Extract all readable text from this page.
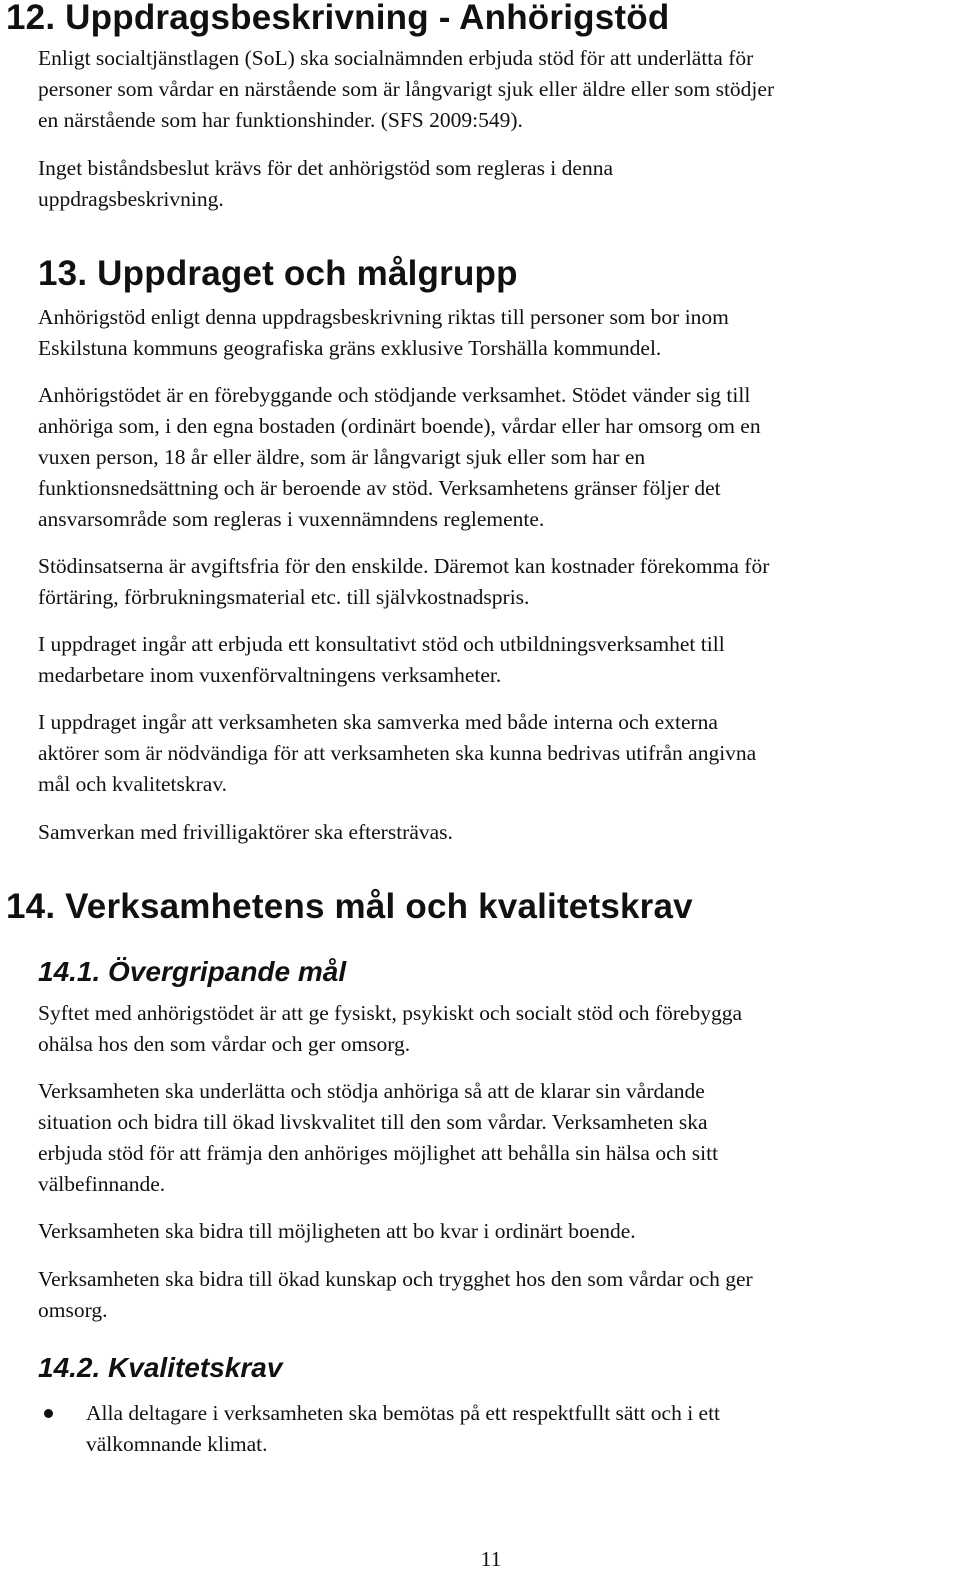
12. Uppdragsbeskrivning - Anhörigstöd

Enligt socialtjänstlagen (SoL) ska socialnämnden erbjuda stöd för att underlätta för
personer som vårdar en närstående som är långvarigt sjuk eller äldre eller som stödjer
en närstående som har funktionshinder. (SFS 2009:549).

Inget biståndsbeslut krävs för det anhörigstöd som regleras i denna
uppdragsbeskrivning.

13. Uppdraget och målgrupp

Anhörigstöd enligt denna uppdragsbeskrivning riktas till personer som bor inom
Eskilstuna kommuns geografiska gräns exklusive Torshälla kommundel.

Anhörigstödet är en förebyggande och stödjande verksamhet. Stödet vänder sig till
anhöriga som, i den egna bostaden (ordinärt boende), vårdar eller har omsorg om en
vuxen person, 18 år eller äldre, som är långvarigt sjuk eller som har en
funktionsnedsättning och är beroende av stöd. Verksamhetens gränser följer det
ansvarsområde som regleras i vuxennämndens reglemente.

Stödinsatserna är avgiftsfria för den enskilde. Däremot kan kostnader förekomma för
förtäring, förbrukningsmaterial etc. till självkostnadspris.

I uppdraget ingår att erbjuda ett konsultativt stöd och utbildningsverksamhet till
medarbetare inom vuxenförvaltningens verksamheter.

I uppdraget ingår att verksamheten ska samverka med både interna och externa
aktörer som är nödvändiga för att verksamheten ska kunna bedrivas utifrån angivna
mål och kvalitetskrav.

Samverkan med frivilligaktörer ska eftersträvas.

14. Verksamhetens mål och kvalitetskrav
14.1. Övergripande mål

Syftet med anhörigstödet är att ge fysiskt, psykiskt och socialt stöd och förebygga
ohälsa hos den som vårdar och ger omsorg.

Verksamheten ska underlätta och stödja anhöriga så att de klarar sin vårdande
situation och bidra till ökad livskvalitet till den som vårdar. Verksamheten ska
erbjuda stöd för att främja den anhöriges möjlighet att behålla sin hälsa och sitt
välbefinnande.

Verksamheten ska bidra till möjligheten att bo kvar i ordinärt boende.

Verksamheten ska bidra till ökad kunskap och trygghet hos den som vårdar och ger
omsorg.

14.2. Kvalitetskrav
Alla deltagare i verksamheten ska bemötas på ett respektfullt sätt och i ett
välkomnande klimat.
11
